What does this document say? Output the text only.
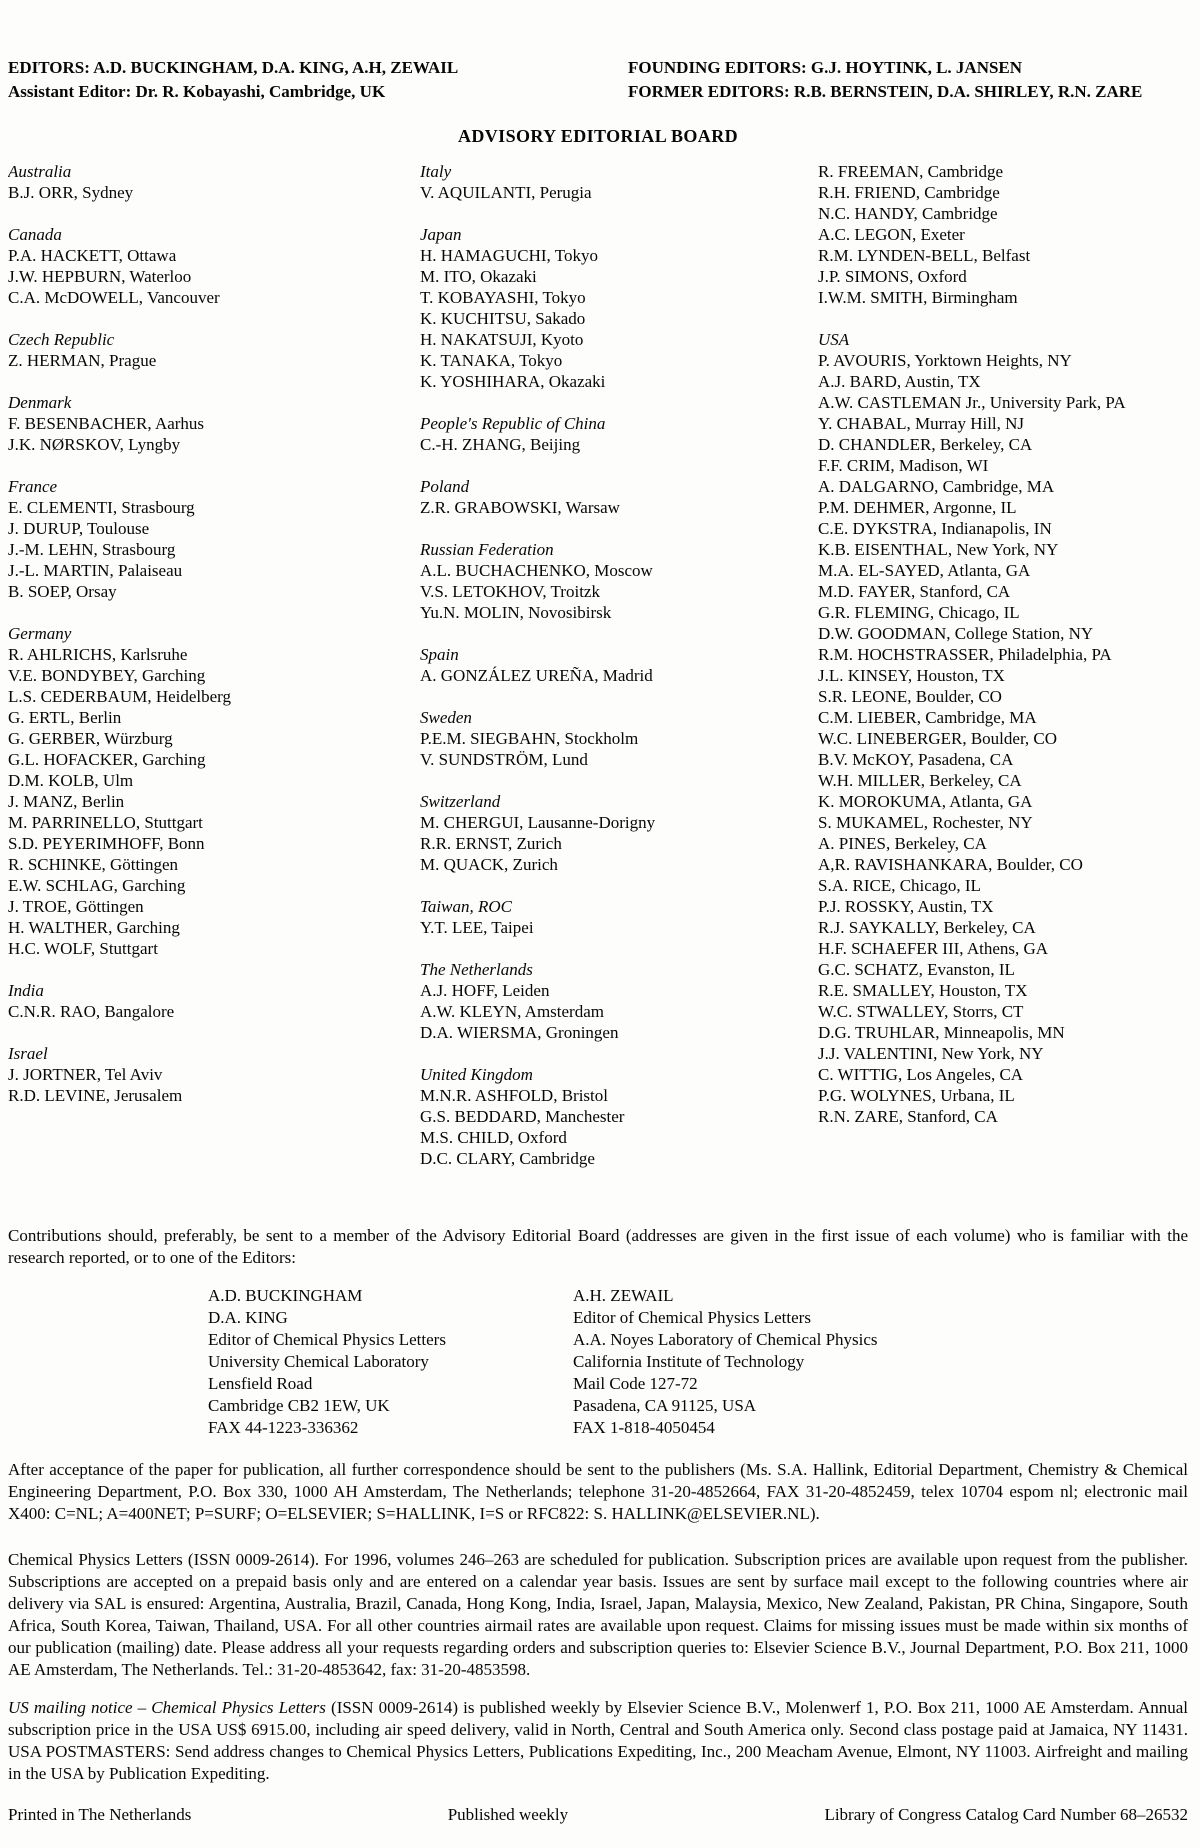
EDITORS: A.D. BUCKINGHAM, D.A. KING, A.H, ZEWAIL
Assistant Editor: Dr. R. Kobayashi, Cambridge, UK
FOUNDING EDITORS: G.J. HOYTINK, L. JANSEN
FORMER EDITORS: R.B. BERNSTEIN, D.A. SHIRLEY, R.N. ZARE
ADVISORY EDITORIAL BOARD
Australia
B.J. ORR, Sydney
Canada
P.A. HACKETT, Ottawa
J.W. HEPBURN, Waterloo
C.A. McDOWELL, Vancouver
Czech Republic
Z. HERMAN, Prague
Denmark
F. BESENBACHER, Aarhus
J.K. NØRSKOV, Lyngby
France
E. CLEMENTI, Strasbourg
J. DURUP, Toulouse
J.-M. LEHN, Strasbourg
J.-L. MARTIN, Palaiseau
B. SOEP, Orsay
Germany
R. AHLRICHS, Karlsruhe
V.E. BONDYBEY, Garching
L.S. CEDERBAUM, Heidelberg
G. ERTL, Berlin
G. GERBER, Würzburg
G.L. HOFACKER, Garching
D.M. KOLB, Ulm
J. MANZ, Berlin
M. PARRINELLO, Stuttgart
S.D. PEYERIMHOFF, Bonn
R. SCHINKE, Göttingen
E.W. SCHLAG, Garching
J. TROE, Göttingen
H. WALTHER, Garching
H.C. WOLF, Stuttgart
India
C.N.R. RAO, Bangalore
Israel
J. JORTNER, Tel Aviv
R.D. LEVINE, Jerusalem
Italy
V. AQUILANTI, Perugia
Japan
H. HAMAGUCHI, Tokyo
M. ITO, Okazaki
T. KOBAYASHI, Tokyo
K. KUCHITSU, Sakado
H. NAKATSUJI, Kyoto
K. TANAKA, Tokyo
K. YOSHIHARA, Okazaki
People's Republic of China
C.-H. ZHANG, Beijing
Poland
Z.R. GRABOWSKI, Warsaw
Russian Federation
A.L. BUCHACHENKO, Moscow
V.S. LETOKHOV, Troitzk
Yu.N. MOLIN, Novosibirsk
Spain
A. GONZÁLEZ UREÑA, Madrid
Sweden
P.E.M. SIEGBAHN, Stockholm
V. SUNDSTRÖM, Lund
Switzerland
M. CHERGUI, Lausanne-Dorigny
R.R. ERNST, Zurich
M. QUACK, Zurich
Taiwan, ROC
Y.T. LEE, Taipei
The Netherlands
A.J. HOFF, Leiden
A.W. KLEYN, Amsterdam
D.A. WIERSMA, Groningen
United Kingdom
M.N.R. ASHFOLD, Bristol
G.S. BEDDARD, Manchester
M.S. CHILD, Oxford
D.C. CLARY, Cambridge
R. FREEMAN, Cambridge
R.H. FRIEND, Cambridge
N.C. HANDY, Cambridge
A.C. LEGON, Exeter
R.M. LYNDEN-BELL, Belfast
J.P. SIMONS, Oxford
I.W.M. SMITH, Birmingham
USA
P. AVOURIS, Yorktown Heights, NY
A.J. BARD, Austin, TX
A.W. CASTLEMAN Jr., University Park, PA
Y. CHABAL, Murray Hill, NJ
D. CHANDLER, Berkeley, CA
F.F. CRIM, Madison, WI
A. DALGARNO, Cambridge, MA
P.M. DEHMER, Argonne, IL
C.E. DYKSTRA, Indianapolis, IN
K.B. EISENTHAL, New York, NY
M.A. EL-SAYED, Atlanta, GA
M.D. FAYER, Stanford, CA
G.R. FLEMING, Chicago, IL
D.W. GOODMAN, College Station, NY
R.M. HOCHSTRASSER, Philadelphia, PA
J.L. KINSEY, Houston, TX
S.R. LEONE, Boulder, CO
C.M. LIEBER, Cambridge, MA
W.C. LINEBERGER, Boulder, CO
B.V. McKOY, Pasadena, CA
W.H. MILLER, Berkeley, CA
K. MOROKUMA, Atlanta, GA
S. MUKAMEL, Rochester, NY
A. PINES, Berkeley, CA
A,R. RAVISHANKARA, Boulder, CO
S.A. RICE, Chicago, IL
P.J. ROSSKY, Austin, TX
R.J. SAYKALLY, Berkeley, CA
H.F. SCHAEFER III, Athens, GA
G.C. SCHATZ, Evanston, IL
R.E. SMALLEY, Houston, TX
W.C. STWALLEY, Storrs, CT
D.G. TRUHLAR, Minneapolis, MN
J.J. VALENTINI, New York, NY
C. WITTIG, Los Angeles, CA
P.G. WOLYNES, Urbana, IL
R.N. ZARE, Stanford, CA

Contributions should, preferably, be sent to a member of the Advisory Editorial Board (addresses are given in the first issue of each volume) who is familiar with the research reported, or to one of the Editors:

A.D. BUCKINGHAM
D.A. KING
Editor of Chemical Physics Letters
University Chemical Laboratory
Lensfield Road
Cambridge CB2 1EW, UK
FAX 44-1223-336362
A.H. ZEWAIL
Editor of Chemical Physics Letters
A.A. Noyes Laboratory of Chemical Physics
California Institute of Technology
Mail Code 127-72
Pasadena, CA 91125, USA
FAX 1-818-4050454

After acceptance of the paper for publication, all further correspondence should be sent to the publishers (Ms. S.A. Hallink, Editorial Department, Chemistry & Chemical Engineering Department, P.O. Box 330, 1000 AH Amsterdam, The Netherlands; telephone 31-20-4852664, FAX 31-20-4852459, telex 10704 espom nl; electronic mail X400: C=NL; A=400NET; P=SURF; O=ELSEVIER; S=HALLINK, I=S or RFC822: S. HALLINK@ELSEVIER.NL).

Chemical Physics Letters (ISSN 0009-2614). For 1996, volumes 246–263 are scheduled for publication. Subscription prices are available upon request from the publisher. Subscriptions are accepted on a prepaid basis only and are entered on a calendar year basis. Issues are sent by surface mail except to the following countries where air delivery via SAL is ensured: Argentina, Australia, Brazil, Canada, Hong Kong, India, Israel, Japan, Malaysia, Mexico, New Zealand, Pakistan, PR China, Singapore, South Africa, South Korea, Taiwan, Thailand, USA. For all other countries airmail rates are available upon request. Claims for missing issues must be made within six months of our publication (mailing) date. Please address all your requests regarding orders and subscription queries to: Elsevier Science B.V., Journal Department, P.O. Box 211, 1000 AE Amsterdam, The Netherlands. Tel.: 31-20-4853642, fax: 31-20-4853598.

US mailing notice – Chemical Physics Letters (ISSN 0009-2614) is published weekly by Elsevier Science B.V., Molenwerf 1, P.O. Box 211, 1000 AE Amsterdam. Annual subscription price in the USA US$ 6915.00, including air speed delivery, valid in North, Central and South America only. Second class postage paid at Jamaica, NY 11431. USA POSTMASTERS: Send address changes to Chemical Physics Letters, Publications Expediting, Inc., 200 Meacham Avenue, Elmont, NY 11003. Airfreight and mailing in the USA by Publication Expediting.

Printed in The Netherlands	Published weekly	Library of Congress Catalog Card Number 68–26532
